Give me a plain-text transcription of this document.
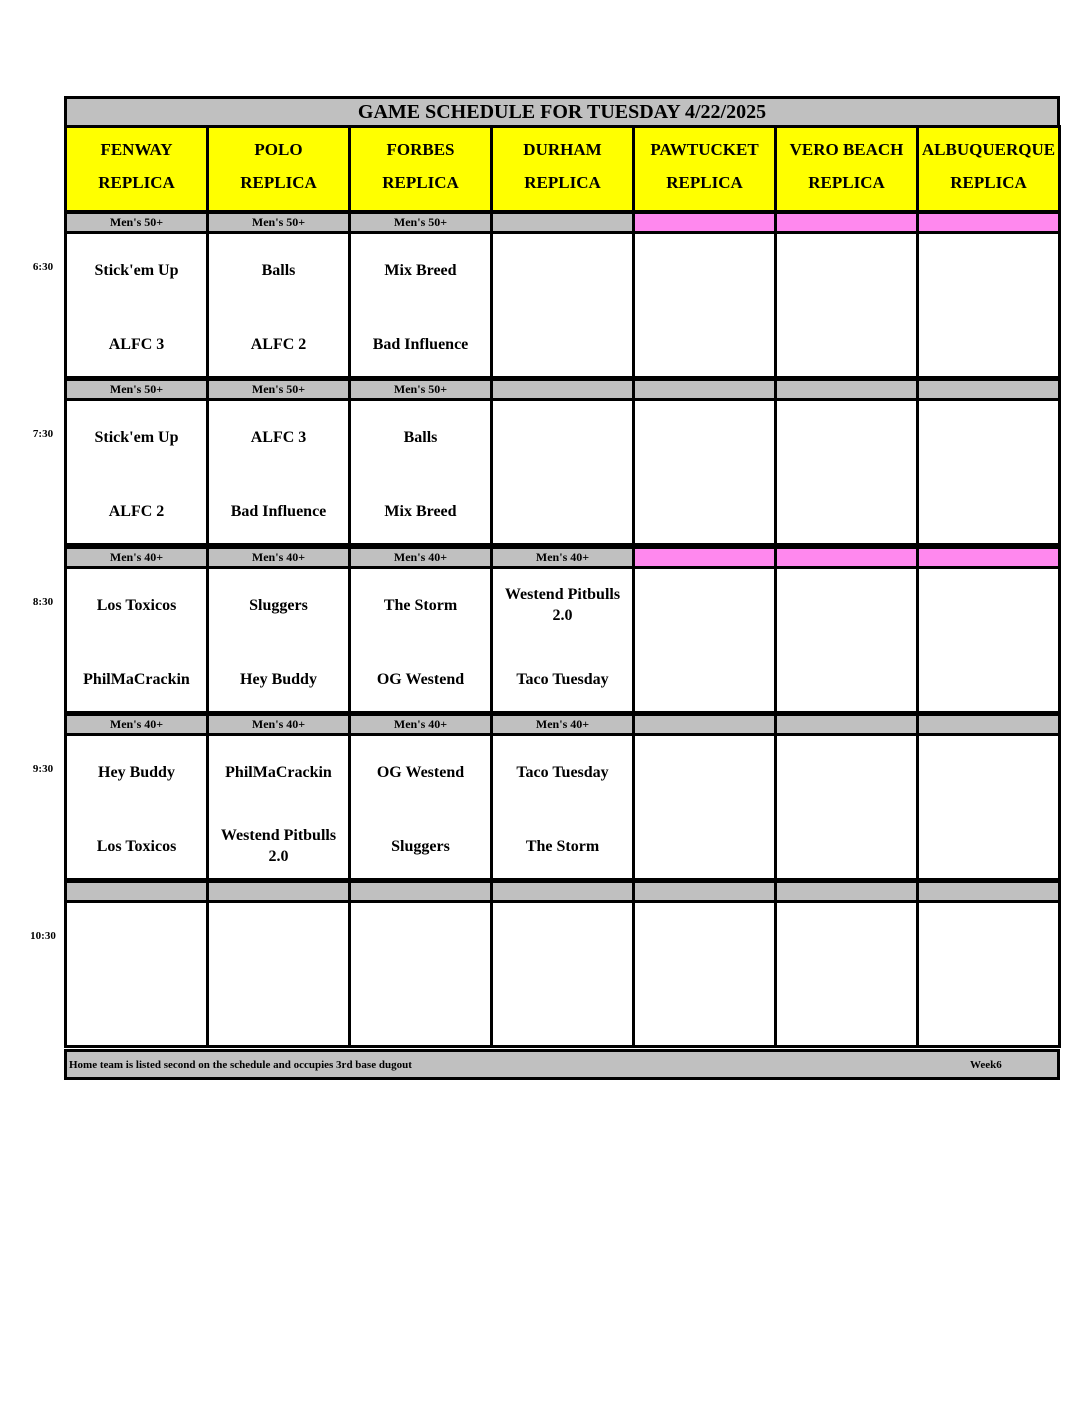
GAME SCHEDULE FOR TUESDAY 4/22/2025
FENWAY
REPLICA
POLO
REPLICA
FORBES
REPLICA
DURHAM
REPLICA
PAWTUCKET
REPLICA
VERO BEACH
REPLICA
ALBUQUERQUE
REPLICA
6:30
Men's 50+
Stick'em Up
ALFC 3
Men's 50+
Balls
ALFC 2
Men's 50+
Mix Breed
Bad Influence
7:30
Men's 50+
Stick'em Up
ALFC 2
Men's 50+
ALFC 3
Bad Influence
Men's 50+
Balls
Mix Breed
8:30
Men's 40+
Los Toxicos
PhilMaCrackin
Men's 40+
Sluggers
Hey Buddy
Men's 40+
The Storm
OG Westend
Men's 40+
Westend Pitbulls 2.0
Taco Tuesday
9:30
Men's 40+
Hey Buddy
Los Toxicos
Men's 40+
PhilMaCrackin
Westend Pitbulls 2.0
Men's 40+
OG Westend
Sluggers
Men's 40+
Taco Tuesday
The Storm
10:30
Home team is listed second on the schedule and occupies 3rd base dugout	Week6
